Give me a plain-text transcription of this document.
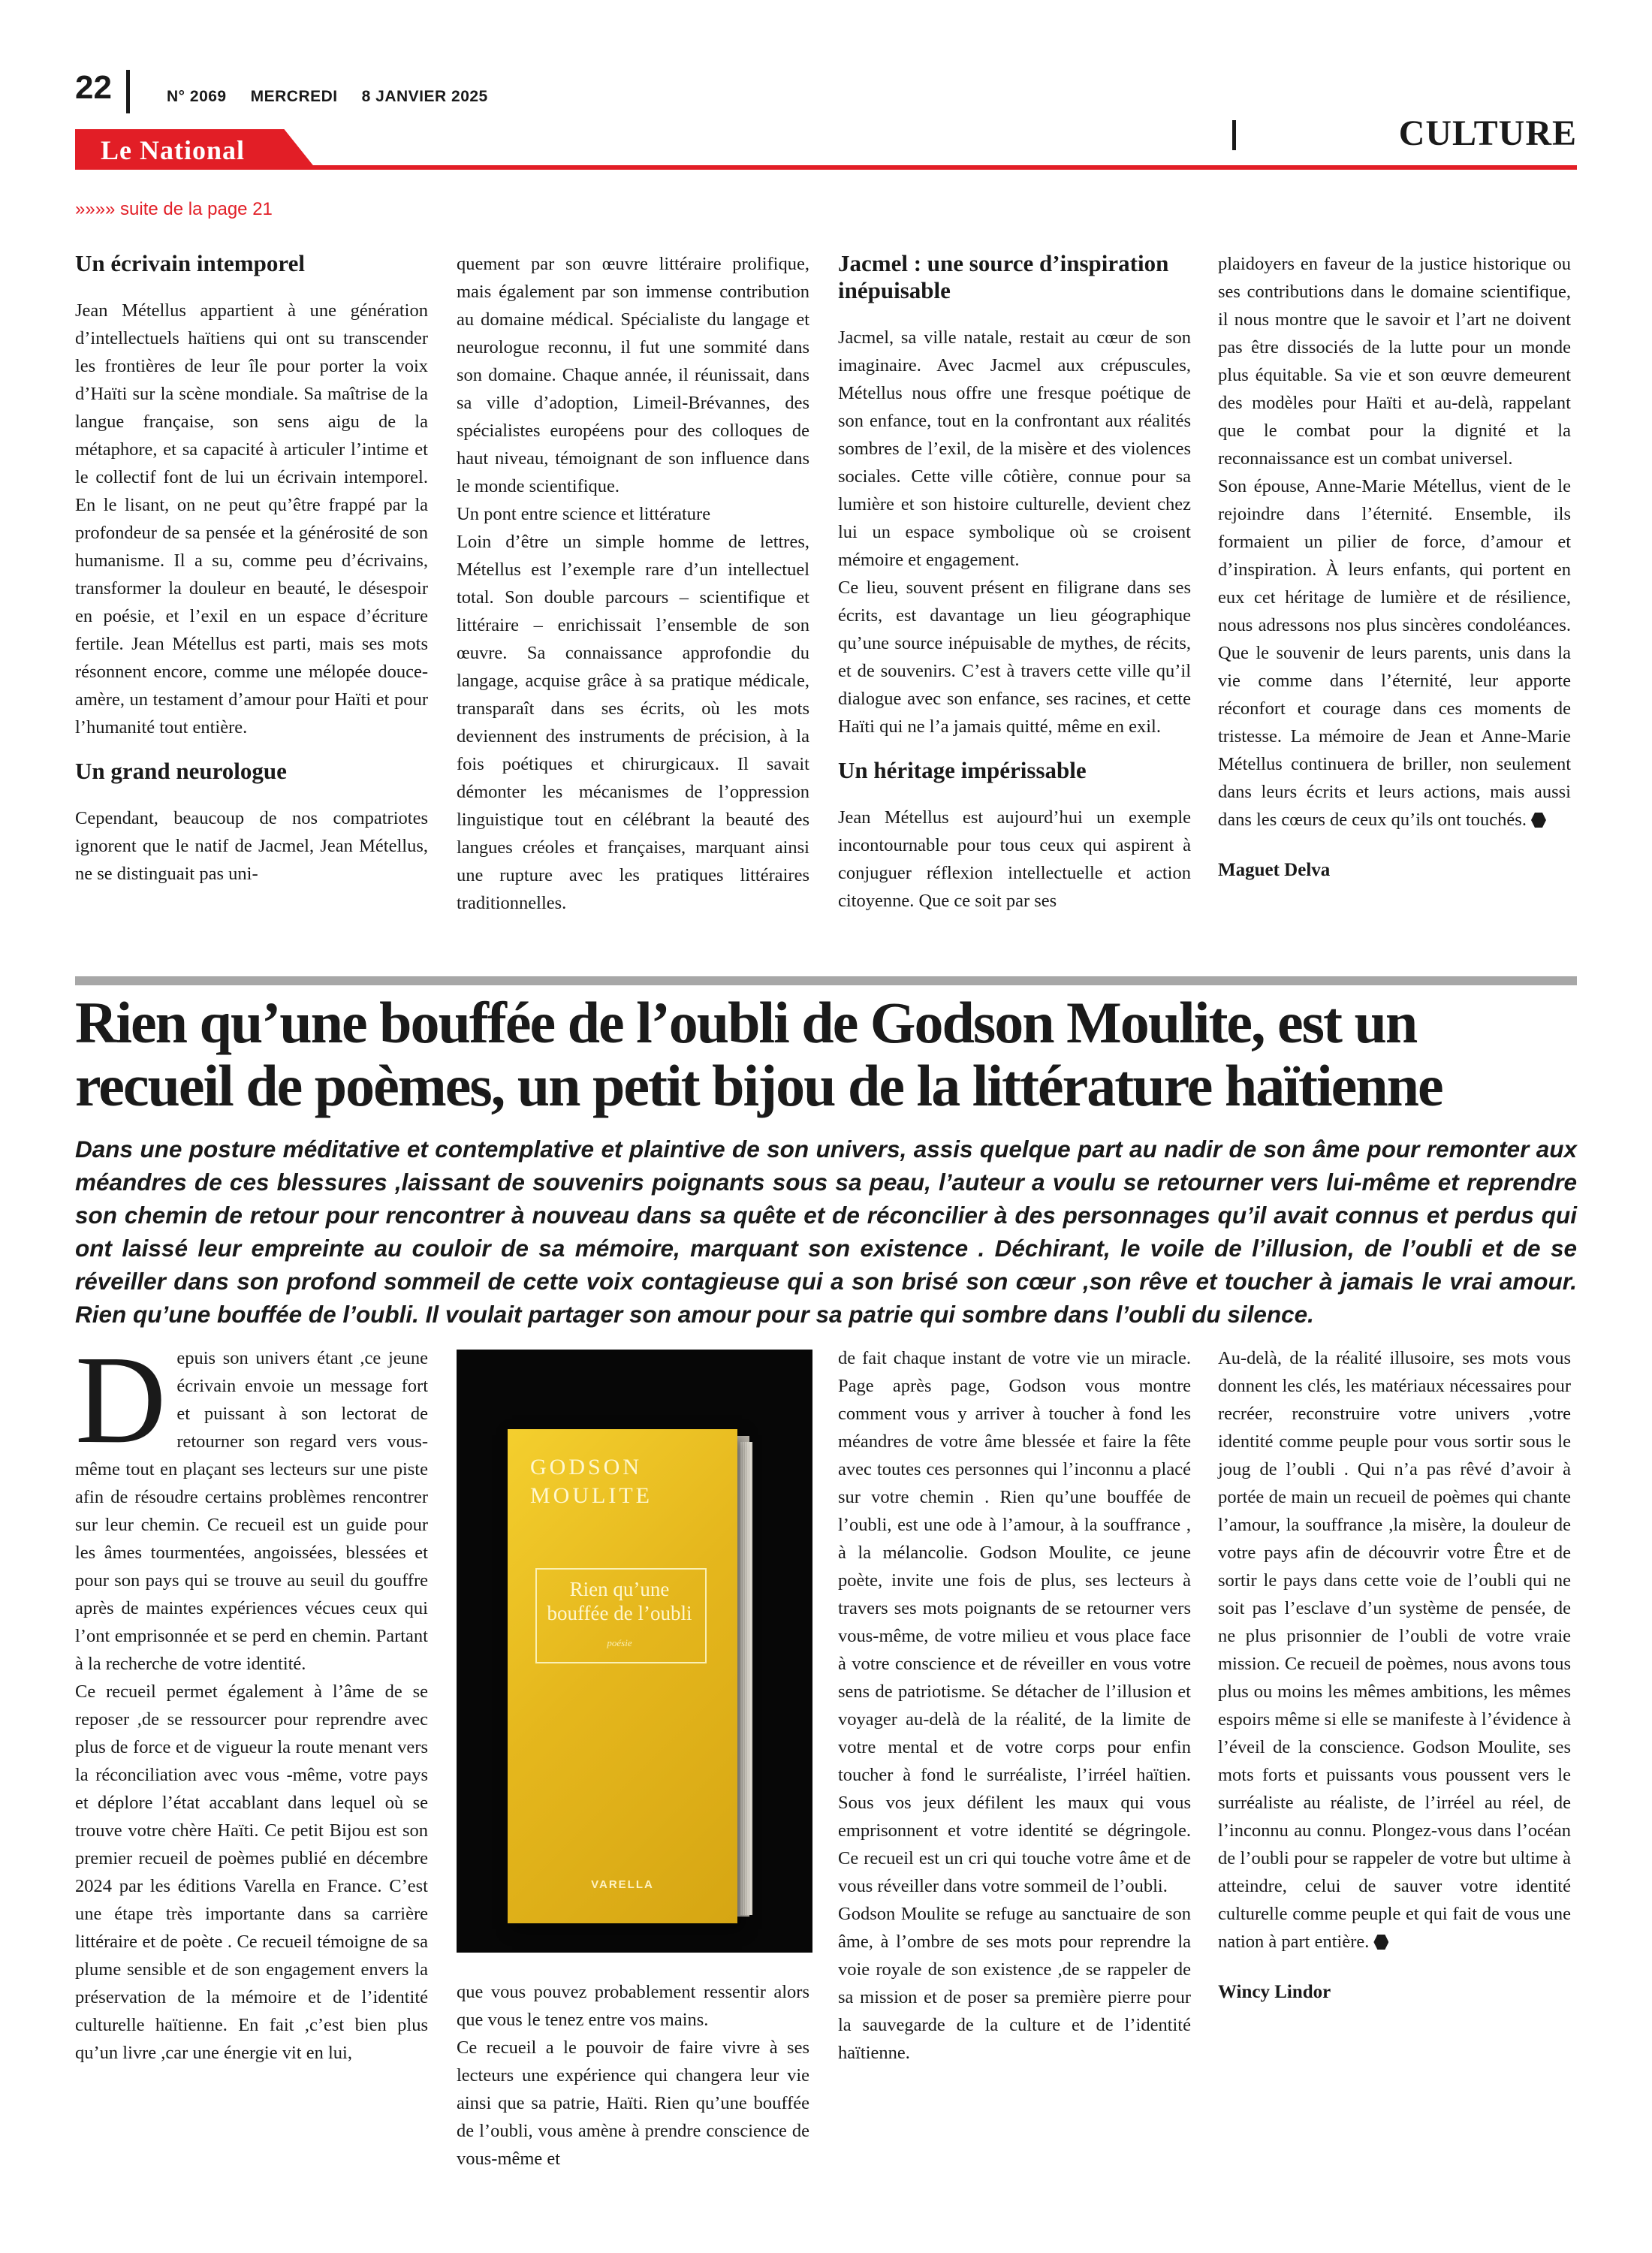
22	N° 2069 MERCREDI 8 JANVIER 2025
CULTURE
Le National
»»»» suite de la page 21
Un écrivain intemporel

Jean Métellus appartient à une génération d’intellectuels haïtiens qui ont su transcender les frontières de leur île pour porter la voix d’Haïti sur la scène mondiale. Sa maîtrise de la langue française, son sens aigu de la métaphore, et sa capacité à articuler l’intime et le collectif font de lui un écrivain intemporel. En le lisant, on ne peut qu’être frappé par la profondeur de sa pensée et la générosité de son humanisme. Il a su, comme peu d’écrivains, transformer la douleur en beauté, le désespoir en poésie, et l’exil en un espace d’écriture fertile. Jean Métellus est parti, mais ses mots résonnent encore, comme une mélopée douce-amère, un testament d’amour pour Haïti et pour l’humanité tout entière.

Un grand neurologue

Cependant, beaucoup de nos compatriotes ignorent que le natif de Jacmel, Jean Métellus, ne se distinguait pas uni-

quement par son œuvre littéraire prolifique, mais également par son immense contribution au domaine médical. Spécialiste du langage et neurologue reconnu, il fut une sommité dans son domaine. Chaque année, il réunissait, dans sa ville d’adoption, Limeil-Brévannes, des spécialistes européens pour des colloques de haut niveau, témoignant de son influence dans le monde scientifique.

Un pont entre science et littérature

Loin d’être un simple homme de lettres, Métellus est l’exemple rare d’un intellectuel total. Son double parcours – scientifique et littéraire – enrichissait l’ensemble de son œuvre. Sa connaissance approfondie du langage, acquise grâce à sa pratique médicale, transparaît dans ses écrits, où les mots deviennent des instruments de précision, à la fois poétiques et chirurgicaux. Il savait démonter les mécanismes de l’oppression linguistique tout en célébrant la beauté des langues créoles et françaises, marquant ainsi une rupture avec les pratiques littéraires traditionnelles.

Jacmel : une source d’inspiration inépuisable

Jacmel, sa ville natale, restait au cœur de son imaginaire. Avec Jacmel aux crépuscules, Métellus nous offre une fresque poétique de son enfance, tout en la confrontant aux réalités sombres de l’exil, de la misère et des violences sociales. Cette ville côtière, connue pour sa lumière et son histoire culturelle, devient chez lui un espace symbolique où se croisent mémoire et engagement.

Ce lieu, souvent présent en filigrane dans ses écrits, est davantage un lieu géographique qu’une source inépuisable de mythes, de récits, et de souvenirs. C’est à travers cette ville qu’il dialogue avec son enfance, ses racines, et cette Haïti qui ne l’a jamais quitté, même en exil.

Un héritage impérissable

Jean Métellus est aujourd’hui un exemple incontournable pour tous ceux qui aspirent à conjuguer réflexion intellectuelle et action citoyenne. Que ce soit par ses

plaidoyers en faveur de la justice historique ou ses contributions dans le domaine scientifique, il nous montre que le savoir et l’art ne doivent pas être dissociés de la lutte pour un monde plus équitable. Sa vie et son œuvre demeurent des modèles pour Haïti et au-delà, rappelant que le combat pour la dignité et la reconnaissance est un combat universel.

Son épouse, Anne-Marie Métellus, vient de le rejoindre dans l’éternité. Ensemble, ils formaient un pilier de force, d’amour et d’inspiration. À leurs enfants, qui portent en eux cet héritage de lumière et de résilience, nous adressons nos plus sincères condoléances. Que le souvenir de leurs parents, unis dans la vie comme dans l’éternité, leur apporte réconfort et courage dans ces moments de tristesse. La mémoire de Jean et Anne-Marie Métellus continuera de briller, non seulement dans leurs écrits et leurs actions, mais aussi dans les cœurs de ceux qu’ils ont touchés.

Maguet Delva

Rien qu’une bouffée de l’oubli de Godson Moulite, est un recueil de poèmes, un petit bijou de la littérature haïtienne

Dans une posture méditative et contemplative et plaintive de son univers, assis quelque part au nadir de son âme pour remonter aux méandres de ces blessures ,laissant de souvenirs poignants sous sa peau, l’auteur a voulu se retourner vers lui-même et reprendre son chemin de retour pour rencontrer à nouveau dans sa quête et de réconcilier à des personnages qu’il avait connus et perdus qui ont laissé leur empreinte au couloir de sa mémoire, marquant son existence . Déchirant, le voile de l’illusion, de l’oubli et de se réveiller dans son profond sommeil de cette voix contagieuse qui a son brisé son cœur ,son rêve et toucher à jamais le vrai amour. Rien qu’une bouffée de l’oubli. Il voulait partager son amour pour sa patrie qui sombre dans l’oubli du silence.

Depuis son univers étant ,ce jeune écrivain envoie un message fort et puissant à son lectorat de retourner son regard vers vous-même tout en plaçant ses lecteurs sur une piste afin de résoudre certains problèmes rencontrer sur leur chemin. Ce recueil est un guide pour les âmes tourmentées, angoissées, blessées et pour son pays qui se trouve au seuil du gouffre après de maintes expériences vécues ceux qui l’ont emprisonnée et se perd en chemin. Partant à la recherche de votre identité.

Ce recueil permet également à l’âme de se reposer ,de se ressourcer pour reprendre avec plus de force et de vigueur la route menant vers la réconciliation avec vous -même, votre pays et déplore l’état accablant dans lequel où se trouve votre chère Haïti. Ce petit Bijou est son premier recueil de poèmes publié en décembre 2024 par les éditions Varella en France. C’est une étape très importante dans sa carrière littéraire et de poète . Ce recueil témoigne de sa plume sensible et de son engagement envers la préservation de la mémoire et de l’identité culturelle haïtienne. En fait ,c’est bien plus qu’un livre ,car une énergie vit en lui,

GODSON MOULITE
Rien qu’une bouffée de l’oubli
poésie
VARELLA

que vous pouvez probablement ressentir alors que vous le tenez entre vos mains.

Ce recueil a le pouvoir de faire vivre à ses lecteurs une expérience qui changera leur vie ainsi que sa patrie, Haïti. Rien qu’une bouffée de l’oubli, vous amène à prendre conscience de vous-même et

de fait chaque instant de votre vie un miracle. Page après page, Godson vous montre comment vous y arriver à toucher à fond les méandres de votre âme blessée et faire la fête avec toutes ces personnes qui l’inconnu a placé sur votre chemin . Rien qu’une bouffée de l’oubli, est une ode à l’amour, à la souffrance , à la mélancolie. Godson Moulite, ce jeune poète, invite une fois de plus, ses lecteurs à travers ses mots poignants de se retourner vers vous-même, de votre milieu et vous place face à votre conscience et de réveiller en vous votre sens de patriotisme. Se détacher de l’illusion et voyager au-delà de la réalité, de la limite de votre mental et de votre corps pour enfin toucher à fond le surréaliste, l’irréel haïtien. Sous vos jeux défilent les maux qui vous emprisonnent et votre identité se dégringole. Ce recueil est un cri qui touche votre âme et de vous réveiller dans votre sommeil de l’oubli.

Godson Moulite se refuge au sanctuaire de son âme, à l’ombre de ses mots pour reprendre la voie royale de son existence ,de se rappeler de sa mission et de poser sa première pierre pour la sauvegarde de la culture et de l’identité haïtienne.

Au-delà, de la réalité illusoire, ses mots vous donnent les clés, les matériaux nécessaires pour recréer, reconstruire votre univers ,votre identité comme peuple pour vous sortir sous le joug de l’oubli . Qui n’a pas rêvé d’avoir à portée de main un recueil de poèmes qui chante l’amour, la souffrance ,la misère, la douleur de votre pays afin de découvrir votre Être et de sortir le pays dans cette voie de l’oubli qui ne soit pas l’esclave d’un système de pensée, de ne plus prisonnier de l’oubli de votre vraie mission. Ce recueil de poèmes, nous avons tous plus ou moins les mêmes ambitions, les mêmes espoirs même si elle se manifeste à l’évidence à l’éveil de la conscience. Godson Moulite, ses mots forts et puissants vous poussent vers le surréaliste au réaliste, de l’irréel au réel, de l’inconnu au connu. Plongez-vous dans l’océan de l’oubli pour se rappeler de votre but ultime à atteindre, celui de sauver votre identité culturelle comme peuple et qui fait de vous une nation à part entière.

Wincy Lindor
